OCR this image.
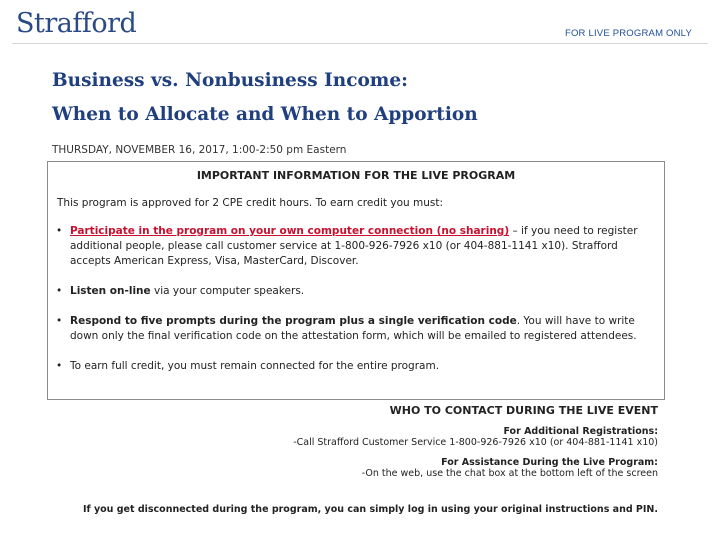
Strafford	FOR LIVE PROGRAM ONLY
Business vs. Nonbusiness Income:
When to Allocate and When to Apportion
THURSDAY, NOVEMBER 16, 2017, 1:00-2:50 pm Eastern
IMPORTANT INFORMATION FOR THE LIVE PROGRAM
This program is approved for 2 CPE credit hours. To earn credit you must:
• Participate in the program on your own computer connection (no sharing) – if you need to register additional people, please call customer service at 1-800-926-7926 x10 (or 404-881-1141 x10). Strafford accepts American Express, Visa, MasterCard, Discover.
• Listen on-line via your computer speakers.
• Respond to five prompts during the program plus a single verification code. You will have to write down only the final verification code on the attestation form, which will be emailed to registered attendees.
• To earn full credit, you must remain connected for the entire program.
WHO TO CONTACT DURING THE LIVE EVENT
For Additional Registrations:
-Call Strafford Customer Service 1-800-926-7926 x10 (or 404-881-1141 x10)
For Assistance During the Live Program:
-On the web, use the chat box at the bottom left of the screen
If you get disconnected during the program, you can simply log in using your original instructions and PIN.
